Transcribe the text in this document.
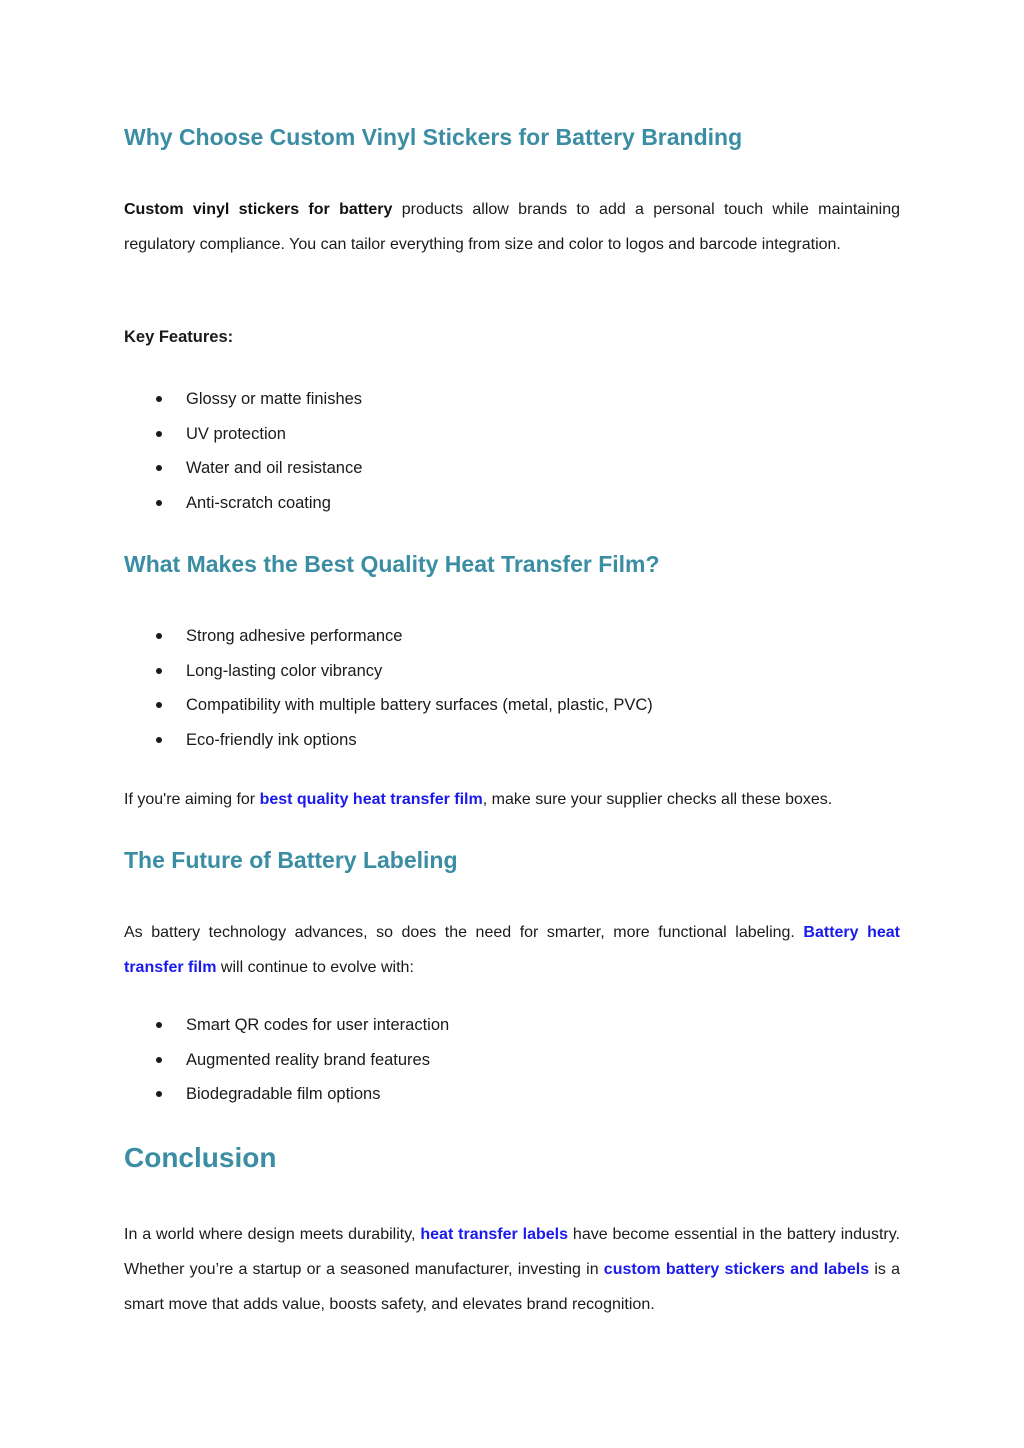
Why Choose Custom Vinyl Stickers for Battery Branding

Custom vinyl stickers for battery products allow brands to add a personal touch while maintaining regulatory compliance. You can tailor everything from size and color to logos and barcode integration.

Key Features:

Glossy or matte finishes
UV protection
Water and oil resistance
Anti-scratch coating
What Makes the Best Quality Heat Transfer Film?
Strong adhesive performance
Long-lasting color vibrancy
Compatibility with multiple battery surfaces (metal, plastic, PVC)
Eco-friendly ink options

If you're aiming for best quality heat transfer film, make sure your supplier checks all these boxes.

The Future of Battery Labeling

As battery technology advances, so does the need for smarter, more functional labeling. Battery heat transfer film will continue to evolve with:

Smart QR codes for user interaction
Augmented reality brand features
Biodegradable film options
Conclusion

In a world where design meets durability, heat transfer labels have become essential in the battery industry. Whether you’re a startup or a seasoned manufacturer, investing in custom battery stickers and labels is a smart move that adds value, boosts safety, and elevates brand recognition.
